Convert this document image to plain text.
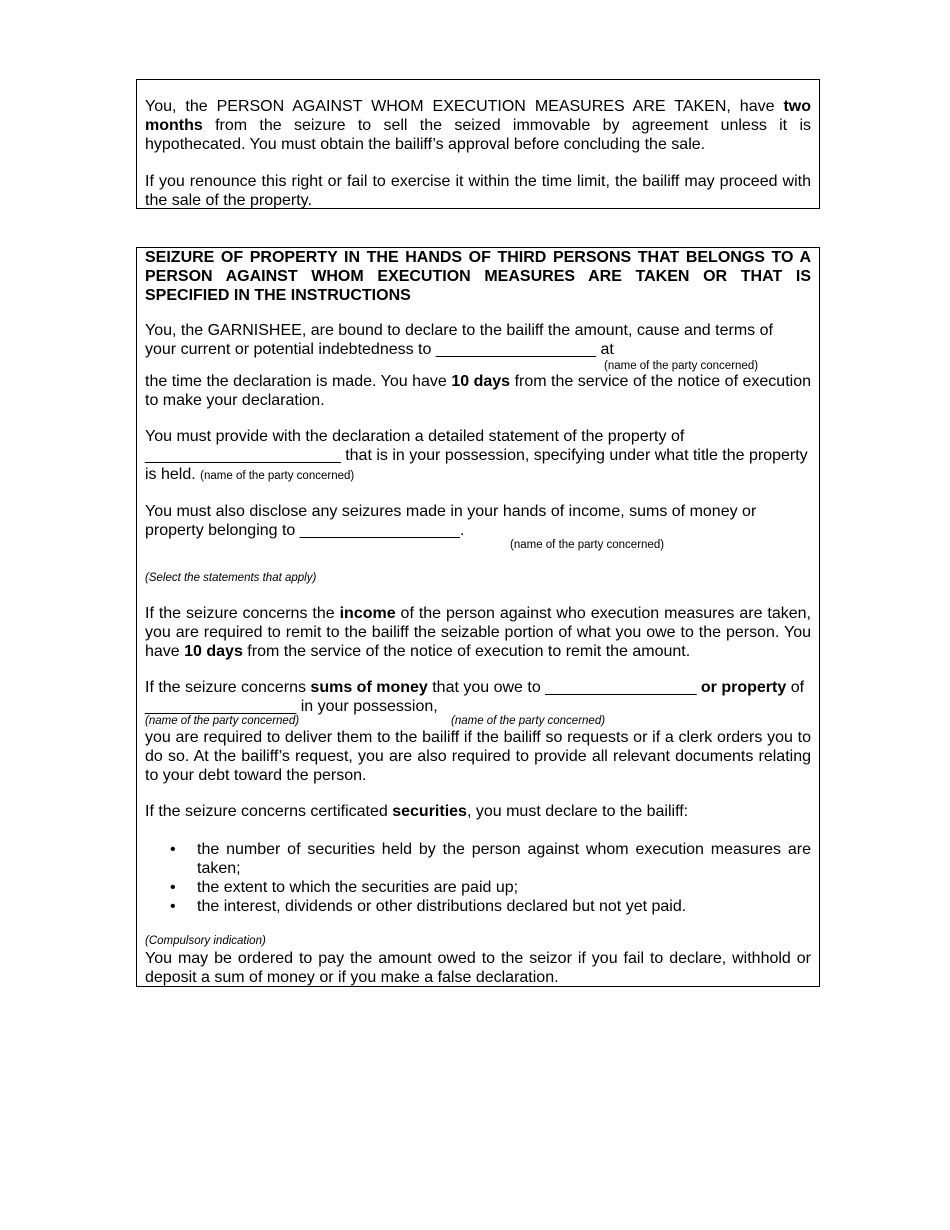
You, the PERSON AGAINST WHOM EXECUTION MEASURES ARE TAKEN, have two months from the seizure to sell the seized immovable by agreement unless it is hypothecated. You must obtain the bailiff’s approval before concluding the sale.

If you renounce this right or fail to exercise it within the time limit, the bailiff may proceed with the sale of the property.

SEIZURE OF PROPERTY IN THE HANDS OF THIRD PERSONS THAT BELONGS TO A PERSON AGAINST WHOM EXECUTION MEASURES ARE TAKEN OR THAT IS SPECIFIED IN THE INSTRUCTIONS

You, the GARNISHEE, are bound to declare to the bailiff the amount, cause and terms of

your current or potential indebtedness to __________________ at

(name of the party concerned)

the time the declaration is made. You have 10 days from the service of the notice of execution to make your declaration.

You must provide with the declaration a detailed statement of the property of

______________________ that is in your possession, specifying under what title the property

is held. (name of the party concerned)

You must also disclose any seizures made in your hands of income, sums of money or

property belonging to __________________.

(name of the party concerned)

(Select the statements that apply)

If the seizure concerns the income of the person against who execution measures are taken, you are required to remit to the bailiff the seizable portion of what you owe to the person. You have 10 days from the service of the notice of execution to remit the amount.

If the seizure concerns sums of money that you owe to _________________ or property of

_________________ in your possession,

(name of the party concerned)	(name of the party concerned)

you are required to deliver them to the bailiff if the bailiff so requests or if a clerk orders you to do so. At the bailiff’s request, you are also required to provide all relevant documents relating to your debt toward the person.

If the seizure concerns certificated securities, you must declare to the bailiff:

• the number of securities held by the person against whom execution measures are taken;
• the extent to which the securities are paid up;
• the interest, dividends or other distributions declared but not yet paid.

(Compulsory indication)

You may be ordered to pay the amount owed to the seizor if you fail to declare, withhold or deposit a sum of money or if you make a false declaration.
